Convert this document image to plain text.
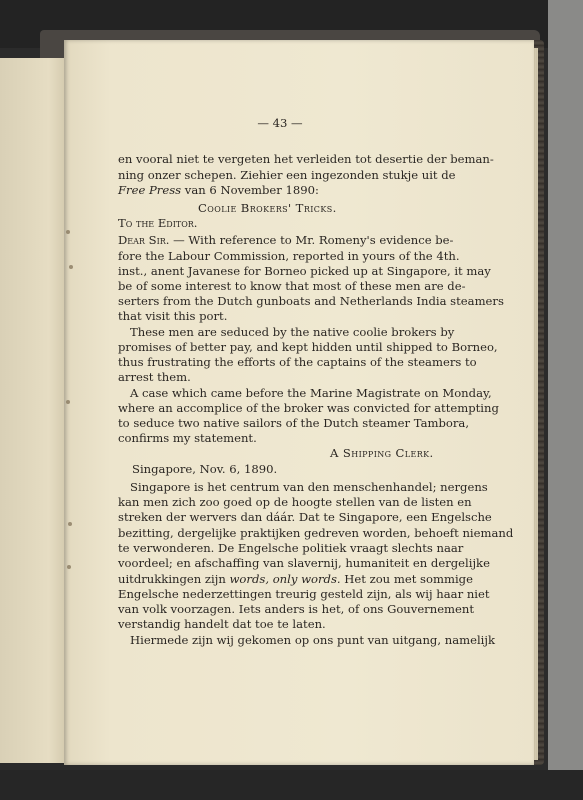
— 43 —
en vooral niet te vergeten het verleiden tot desertie der beman-
ning onzer schepen. Ziehier een ingezonden stukje uit de
Free Press van 6 November 1890:
Coolie Brokers' Tricks.
To the Editor.
Dear Sir. — With reference to Mr. Romeny's evidence be-
fore the Labour Commission, reported in yours of the 4th.
inst., anent Javanese for Borneo picked up at Singapore, it may
be of some interest to know that most of these men are de-
serters from the Dutch gunboats and Netherlands India steamers
that visit this port.
These men are seduced by the native coolie brokers by
promises of better pay, and kept hidden until shipped to Borneo,
thus frustrating the efforts of the captains of the steamers to
arrest them.
A case which came before the Marine Magistrate on Monday,
where an accomplice of the broker was convicted for attempting
to seduce two native sailors of the Dutch steamer Tambora,
confirms my statement.
A Shipping Clerk.
Singapore, Nov. 6, 1890.
Singapore is het centrum van den menschenhandel; nergens
kan men zich zoo goed op de hoogte stellen van de listen en
streken der wervers dan dáár. Dat te Singapore, een Engelsche
bezitting, dergelijke praktijken gedreven worden, behoeft niemand
te verwonderen. De Engelsche politiek vraagt slechts naar
voordeel; en afschaffing van slavernij, humaniteit en dergelijke
uitdrukkingen zijn words, only words. Het zou met sommige
Engelsche nederzettingen treurig gesteld zijn, als wij haar niet
van volk voorzagen. Iets anders is het, of ons Gouvernement
verstandig handelt dat toe te laten.
Hiermede zijn wij gekomen op ons punt van uitgang, namelijk
